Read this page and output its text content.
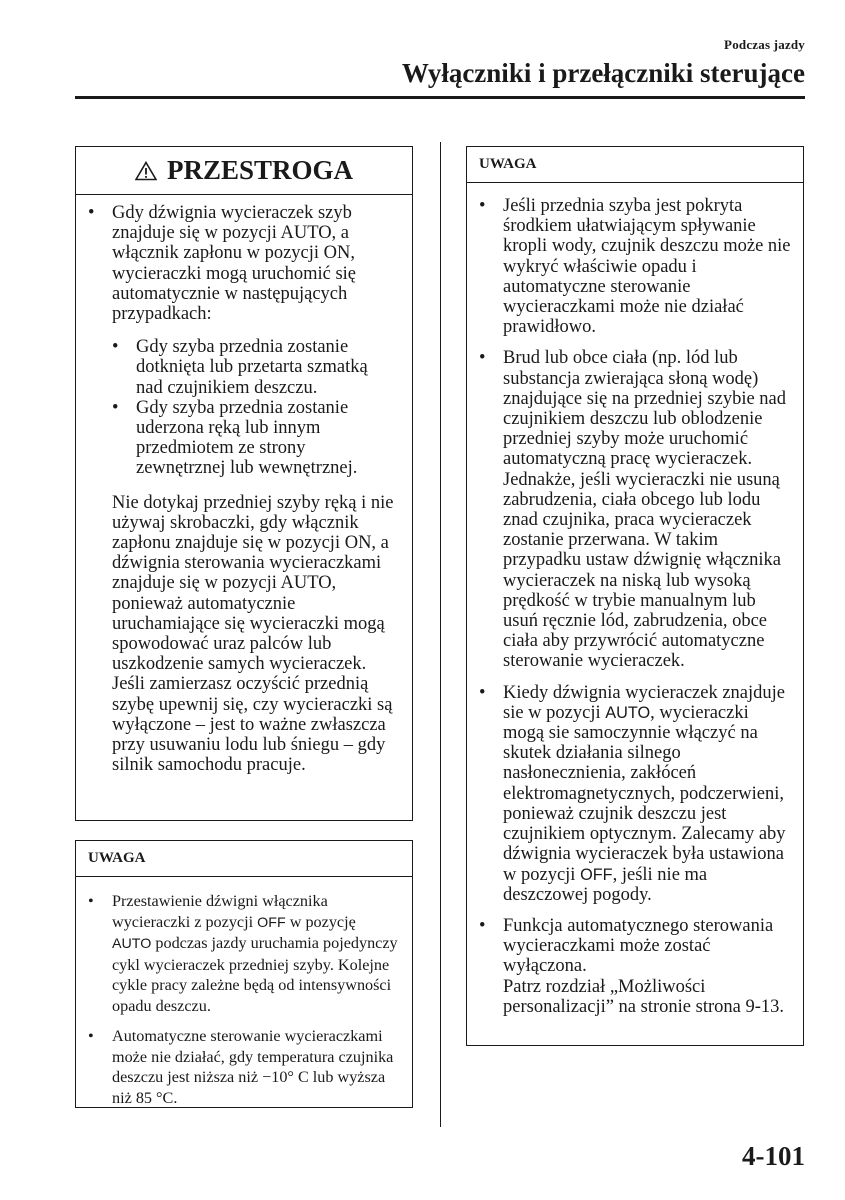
Podczas jazdy
Wyłączniki i przełączniki sterujące
PRZESTROGA
• Gdy dźwignia wycieraczek szyb znajduje się w pozycji AUTO, a włącznik zapłonu w pozycji ON, wycieraczki mogą uruchomić się automatycznie w następujących przypadkach:
• Gdy szyba przednia zostanie dotknięta lub przetarta szmatką nad czujnikiem deszczu.
• Gdy szyba przednia zostanie uderzona ręką lub innym przedmiotem ze strony zewnętrznej lub wewnętrznej.
Nie dotykaj przedniej szyby ręką i nie używaj skrobaczki, gdy włącznik zapłonu znajduje się w pozycji ON, a dźwignia sterowania wycieraczkami znajduje się w pozycji AUTO, ponieważ automatycznie uruchamiające się wycieraczki mogą spowodować uraz palców lub uszkodzenie samych wycieraczek.
Jeśli zamierzasz oczyścić przednią szybę upewnij się, czy wycieraczki są wyłączone – jest to ważne zwłaszcza przy usuwaniu lodu lub śniegu – gdy silnik samochodu pracuje.
UWAGA
• Przestawienie dźwigni włącznika wycieraczki z pozycji OFF w pozycję AUTO podczas jazdy uruchamia pojedynczy cykl wycieraczek przedniej szyby. Kolejne cykle pracy zależne będą od intensywności opadu deszczu.
• Automatyczne sterowanie wycieraczkami może nie działać, gdy temperatura czujnika deszczu jest niższa niż −10° C lub wyższa niż 85 °C.
UWAGA
• Jeśli przednia szyba jest pokryta środkiem ułatwiającym spływanie kropli wody, czujnik deszczu może nie wykryć właściwie opadu i automatyczne sterowanie wycieraczkami może nie działać prawidłowo.
• Brud lub obce ciała (np. lód lub substancja zwierająca słoną wodę) znajdujące się na przedniej szybie nad czujnikiem deszczu lub oblodzenie przedniej szyby może uruchomić automatyczną pracę wycieraczek. Jednakże, jeśli wycieraczki nie usuną zabrudzenia, ciała obcego lub lodu znad czujnika, praca wycieraczek zostanie przerwana. W takim przypadku ustaw dźwignię włącznika wycieraczek na niską lub wysoką prędkość w trybie manualnym lub usuń ręcznie lód, zabrudzenia, obce ciała aby przywrócić automatyczne sterowanie wycieraczek.
• Kiedy dźwignia wycieraczek znajduje sie w pozycji AUTO, wycieraczki mogą sie samoczynnie włączyć na skutek działania silnego nasłonecznienia, zakłóceń elektromagnetycznych, podczerwieni, ponieważ czujnik deszczu jest czujnikiem optycznym. Zalecamy aby dźwignia wycieraczek była ustawiona w pozycji OFF, jeśli nie ma deszczowej pogody.
• Funkcja automatycznego sterowania wycieraczkami może zostać wyłączona.
Patrz rozdział „Możliwości personalizacji” na stronie strona 9-13.
4-101
